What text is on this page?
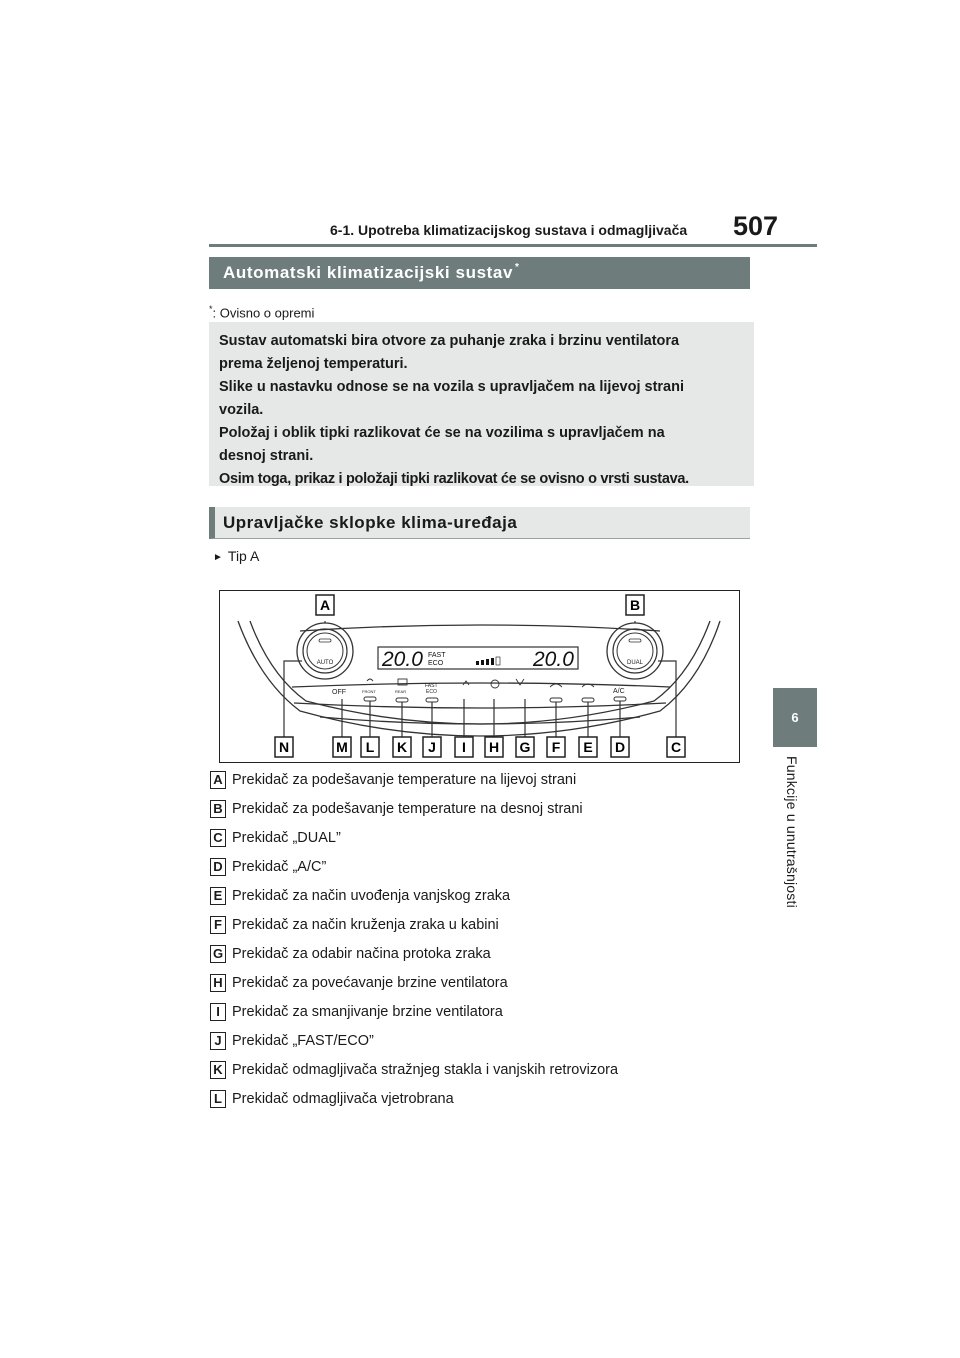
6-1. Upotreba klimatizacijskog sustava i odmagljivača 507
6
Funkcije u unutrašnjosti
Automatski klimatizacijski sustav*
*: Ovisno o opremi

Sustav automatski bira otvore za puhanje zraka i brzinu ventilatora

prema željenoj temperaturi.

Slike u nastavku odnose se na vozila s upravljačem na lijevoj strani

vozila.

Položaj i oblik tipki razlikovat će se na vozilima s upravljačem na

desnoj strani.

Osim toga, prikaz i položaji tipki razlikovat će se ovisno o vrsti sustava.

Upravljačke sklopke klima-uređaja
► Tip A
AUTO	DUAL
20.0 FAST
ECO	20.0
OFF	FRONT	REAR
FAST
ECO	A/C
A	B
N	M L K J I H G F E D	C
A Prekidač za podešavanje temperature na lijevoj strani
B Prekidač za podešavanje temperature na desnoj strani
C Prekidač „DUAL”
D Prekidač „A/C”
E Prekidač za način uvođenja vanjskog zraka
F Prekidač za način kruženja zraka u kabini
G Prekidač za odabir načina protoka zraka
H Prekidač za povećavanje brzine ventilatora
I Prekidač za smanjivanje brzine ventilatora
J Prekidač „FAST/ECO”
K Prekidač odmagljivača stražnjeg stakla i vanjskih retrovizora
L Prekidač odmagljivača vjetrobrana
